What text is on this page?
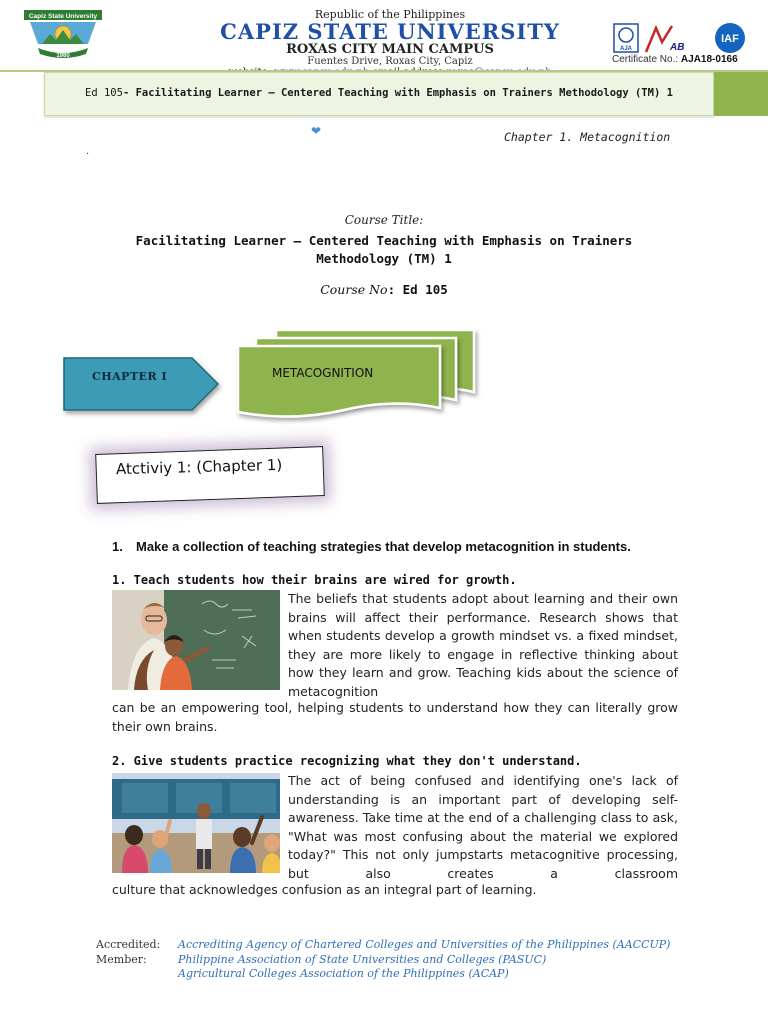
Capiz State University
1980
Republic of the Philippines
CAPIZ STATE UNIVERSITY
ROXAS CITY MAIN CAMPUS
Fuentes Drive, Roxas City, Capiz
AJA	AB
IAF
Certificate No.: AJA18-0166
Ed 105- Facilitating Learner – Centered Teaching with Emphasis on Trainers Methodology (TM) 1
❤	Chapter 1. Metacognition
.
Course Title:
Facilitating Learner – Centered Teaching with Emphasis on Trainers
Methodology (TM) 1
Course No: Ed 105
CHAPTER I	METACOGNITION
Atctiviy 1: (Chapter 1)
1.	Make a collection of teaching strategies that develop metacognition in students.
1. Teach students how their brains are wired for growth.
The beliefs that students adopt about learning and their own brains will affect their performance. Research shows that when students develop a growth mindset vs. a fixed mindset, they are more likely to engage in reflective thinking about how they learn and grow. Teaching kids about the science of metacognition
can be an empowering tool, helping students to understand how they can literally grow their own brains.
2. Give students practice recognizing what they don't understand.
The act of being confused and identifying one's lack of understanding is an important part of developing self-awareness. Take time at the end of a challenging class to ask, "What was most confusing about the material we explored today?" This not only jumpstarts metacognitive processing, but also creates a classroom
culture that acknowledges confusion as an integral part of learning.
Accredited: Accrediting Agency of Chartered Colleges and Universities of the Philippines (AACCUP)
Member:	Philippine Association of State Universities and Colleges (PASUC)
Agricultural Colleges Association of the Philippines (ACAP)
